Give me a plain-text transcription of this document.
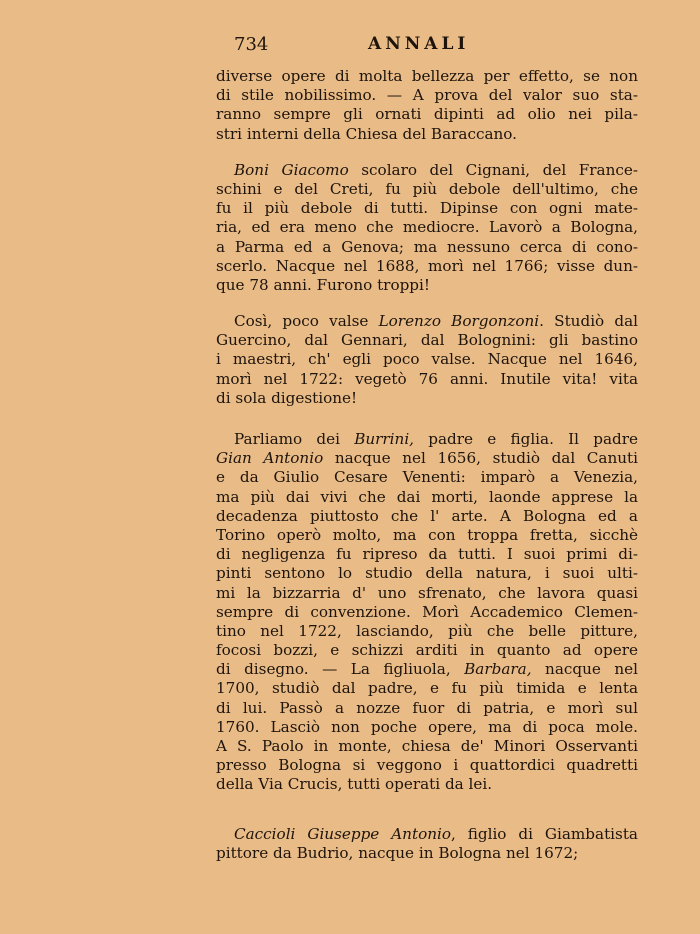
734	ANNALI
diverse opere di molta bellezza per effetto, se non
di stile nobilissimo. — A prova del valor suo sta-
ranno sempre gli ornati dipinti ad olio nei pila-
stri interni della Chiesa del Baraccano.
Boni Giacomo scolaro del Cignani, del France-
schini e del Creti, fu più debole dell'ultimo, che
fu il più debole di tutti. Dipinse con ogni mate-
ria, ed era meno che mediocre. Lavorò a Bologna,
a Parma ed a Genova; ma nessuno cerca di cono-
scerlo. Nacque nel 1688, morì nel 1766; visse dun-
que 78 anni. Furono troppi!
Così, poco valse Lorenzo Borgonzoni. Studiò dal
Guercino, dal Gennari, dal Bolognini: gli bastino
i maestri, ch' egli poco valse. Nacque nel 1646,
morì nel 1722: vegetò 76 anni. Inutile vita! vita
di sola digestione!
Parliamo dei Burrini, padre e figlia. Il padre
Gian Antonio nacque nel 1656, studiò dal Canuti
e da Giulio Cesare Venenti: imparò a Venezia,
ma più dai vivi che dai morti, laonde apprese la
decadenza piuttosto che l' arte. A Bologna ed a
Torino operò molto, ma con troppa fretta, sicchè
di negligenza fu ripreso da tutti. I suoi primi di-
pinti sentono lo studio della natura, i suoi ulti-
mi la bizzarria d' uno sfrenato, che lavora quasi
sempre di convenzione. Morì Accademico Clemen-
tino nel 1722, lasciando, più che belle pitture,
focosi bozzi, e schizzi arditi in quanto ad opere
di disegno. — La figliuola, Barbara, nacque nel
1700, studiò dal padre, e fu più timida e lenta
di lui. Passò a nozze fuor di patria, e morì sul
1760. Lasciò non poche opere, ma di poca mole.
A S. Paolo in monte, chiesa de' Minori Osservanti
presso Bologna si veggono i quattordici quadretti
della Via Crucis, tutti operati da lei.
Caccioli Giuseppe Antonio, figlio di Giambatista
pittore da Budrio, nacque in Bologna nel 1672;
